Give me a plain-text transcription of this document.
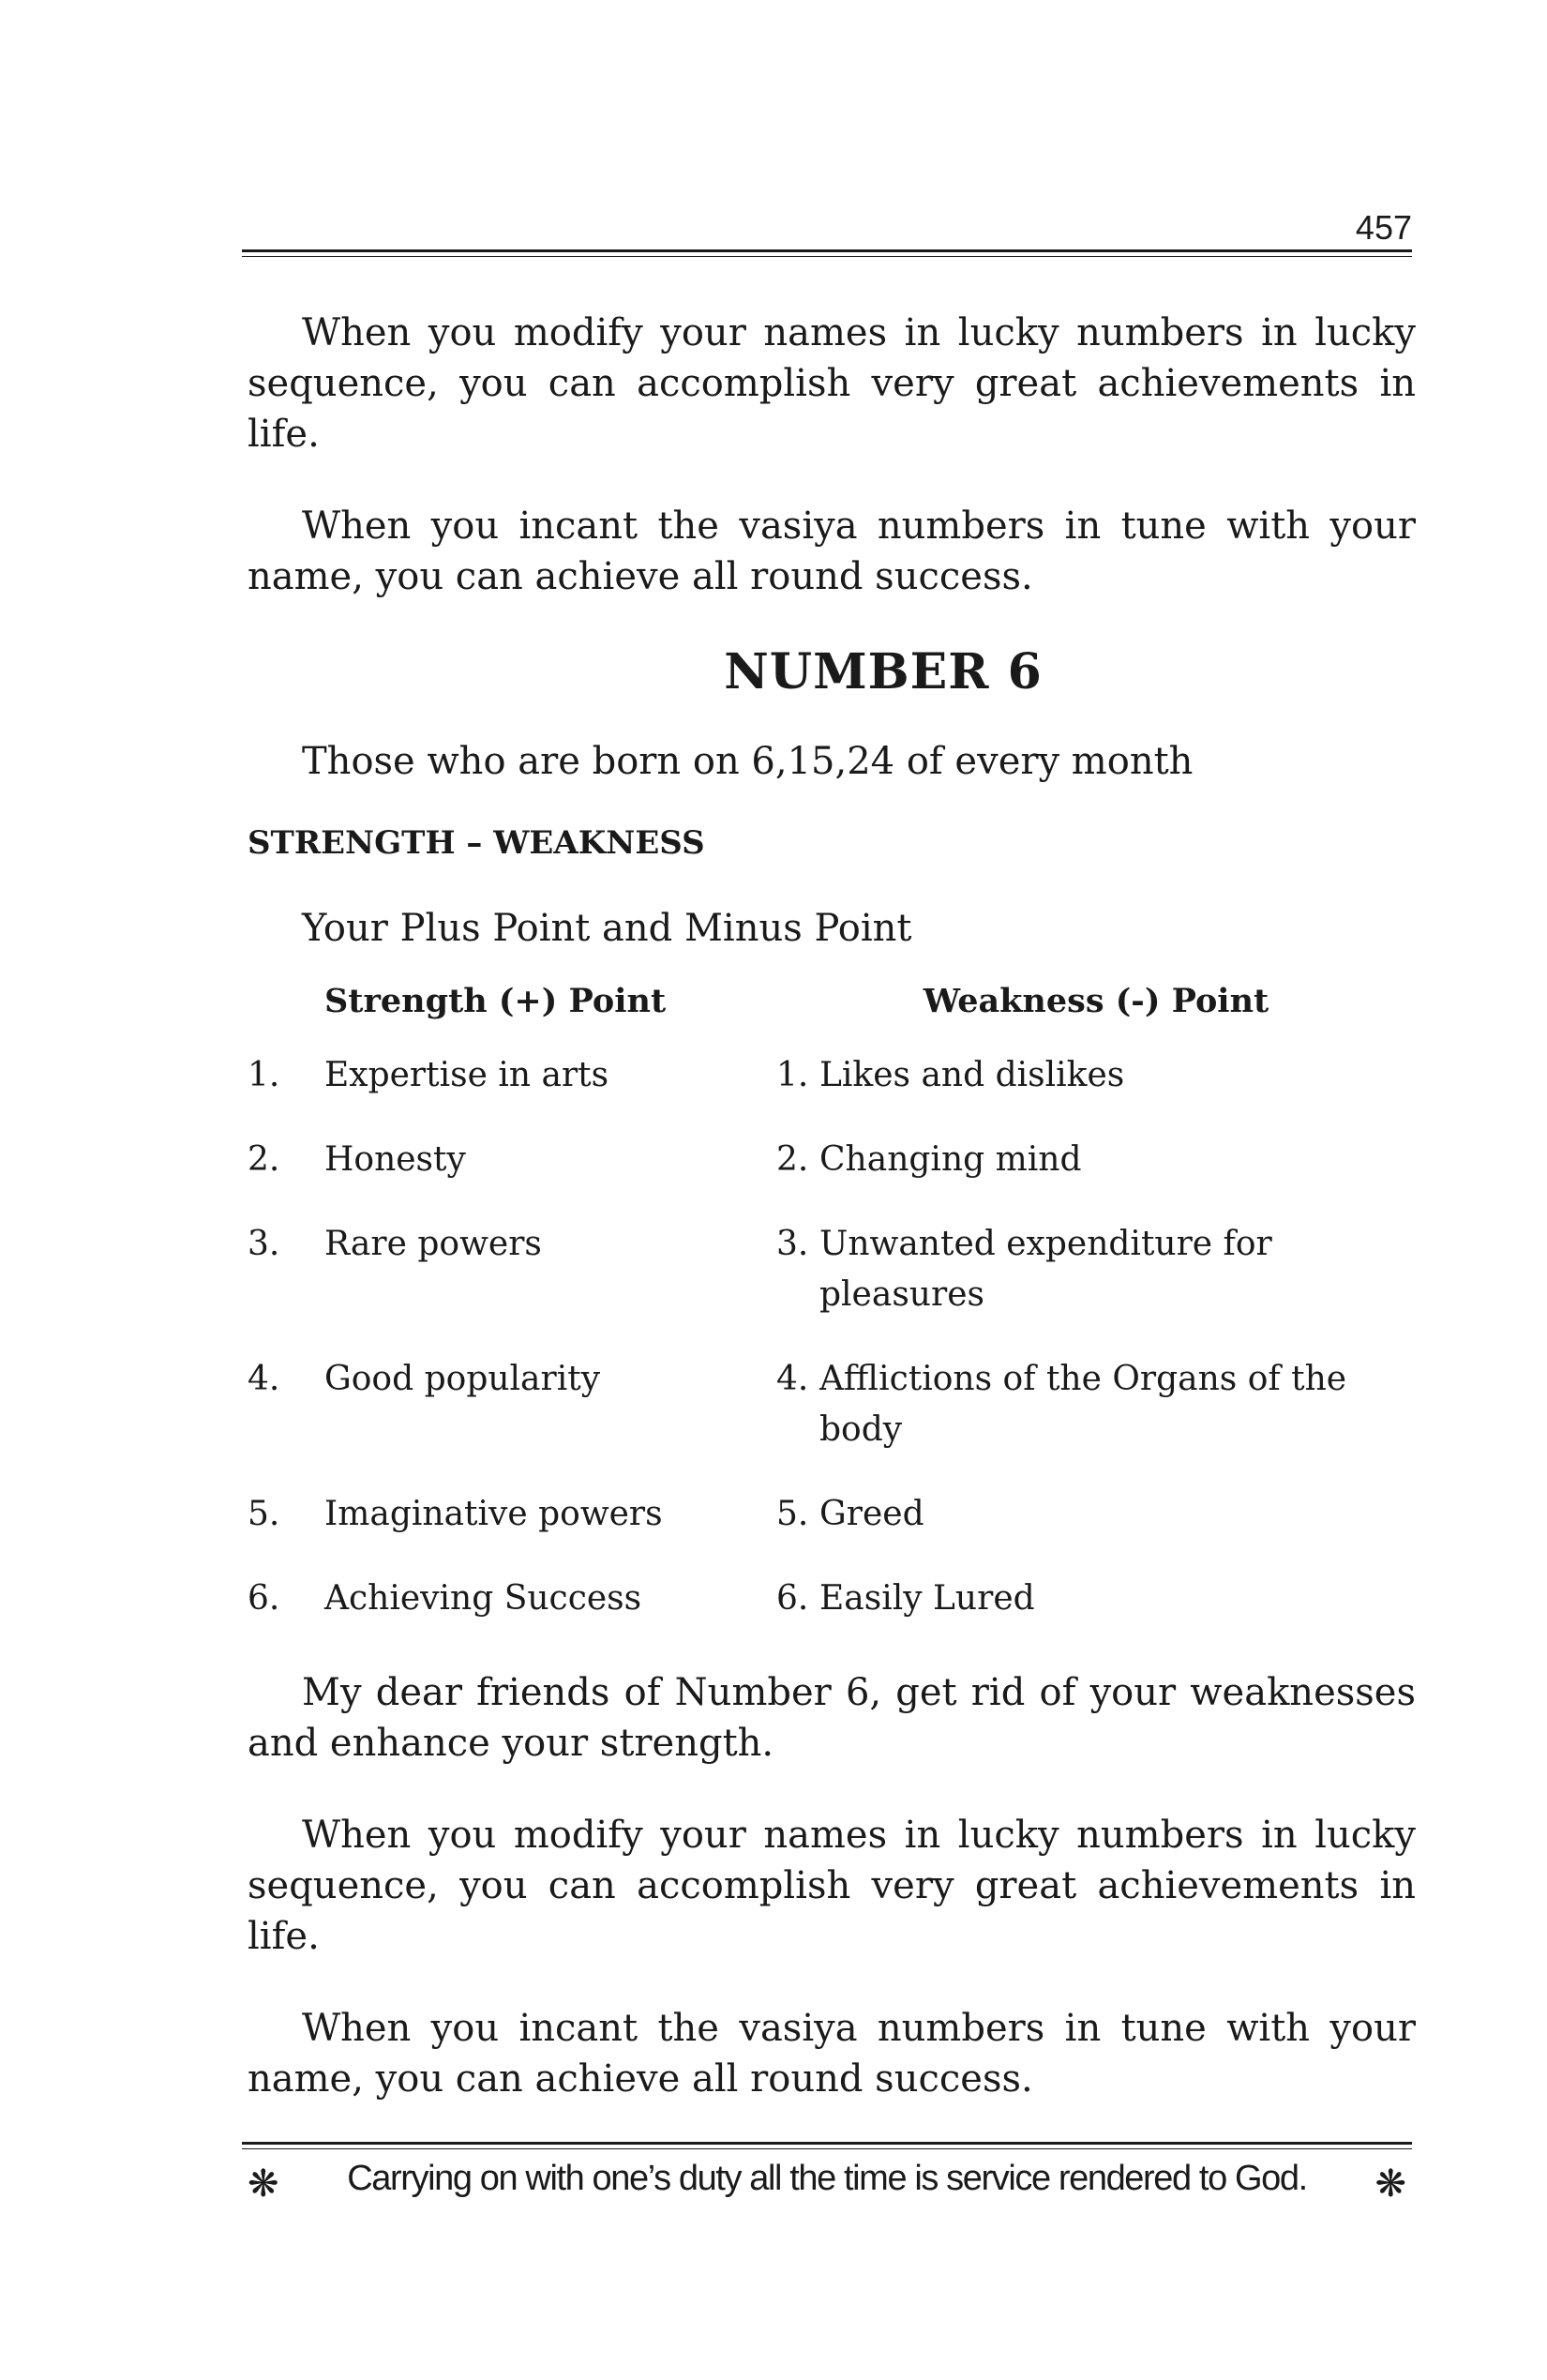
457

When you modify your names in lucky numbers in lucky sequence, you can accomplish very great achievements in life.

When you incant the vasiya numbers in tune with your name, you can achieve all round success.

NUMBER 6

Those who are born on 6,15,24 of every month

STRENGTH – WEAKNESS

Your Plus Point and Minus Point

Strength (+) Point	Weakness (-) Point
1.	Expertise in arts	1. Likes and dislikes
2.	Honesty	2. Changing mind
3.	Rare powers	3. Unwanted expenditure for pleasures
4.	Good popularity	4. Afflictions of the Organs of the body
5.	Imaginative powers	5. Greed
6.	Achieving Success	6. Easily Lured

My dear friends of Number 6, get rid of your weaknesses and enhance your strength.

When you modify your names in lucky numbers in lucky sequence, you can accomplish very great achievements in life.

When you incant the vasiya numbers in tune with your name, you can achieve all round success.

❋	Carrying on with one’s duty all the time is service rendered to God.	❋
